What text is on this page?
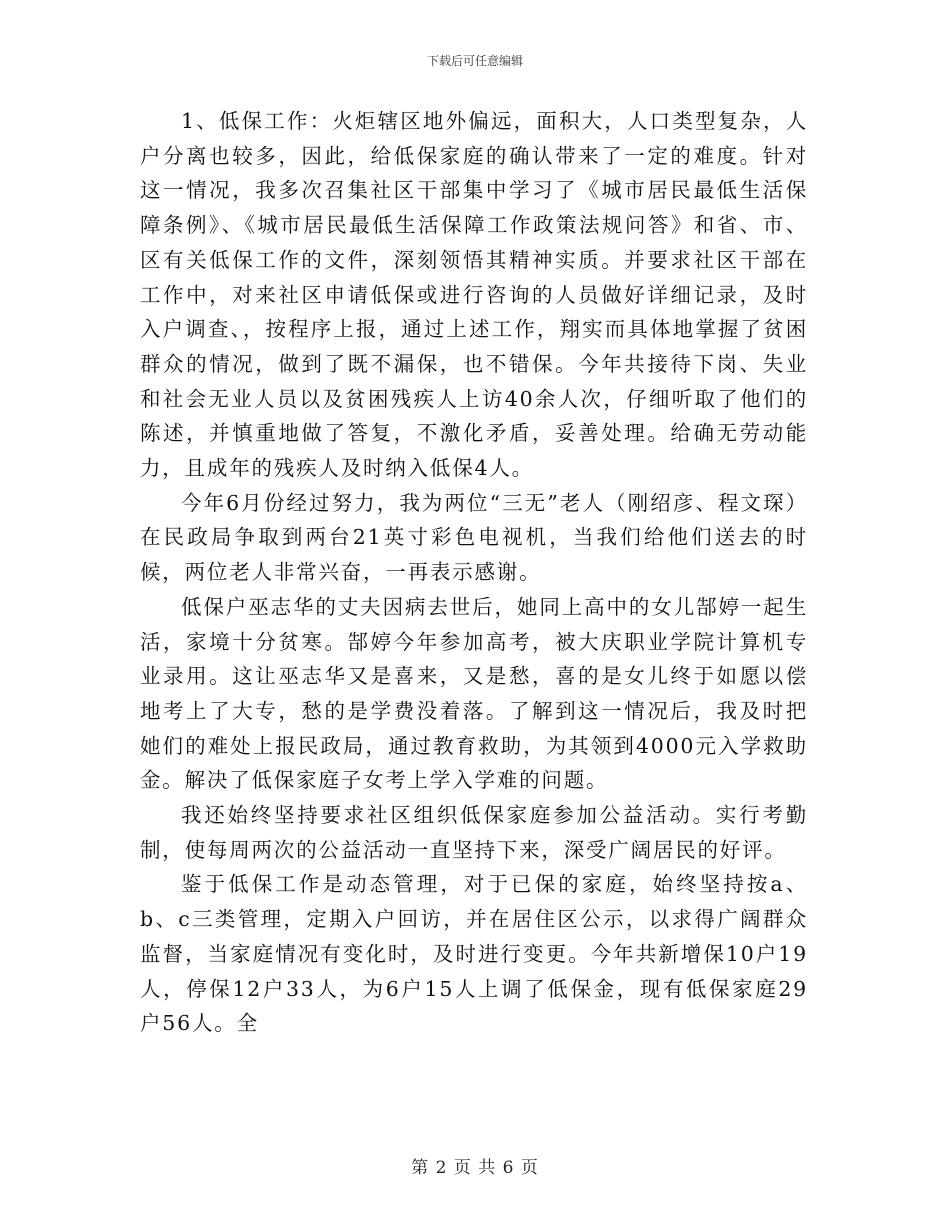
下载后可任意编辑

1、低保工作：火炬辖区地外偏远，面积大，人口类型复杂，人户分离也较多，因此，给低保家庭的确认带来了一定的难度。针对这一情况，我多次召集社区干部集中学习了《城市居民最低生活保障条例》、《城市居民最低生活保障工作政策法规问答》和省、市、区有关低保工作的文件，深刻领悟其精神实质。并要求社区干部在工作中，对来社区申请低保或进行咨询的人员做好详细记录，及时入户调查、，按程序上报，通过上述工作，翔实而具体地掌握了贫困群众的情况，做到了既不漏保，也不错保。今年共接待下岗、失业和社会无业人员以及贫困残疾人上访40余人次，仔细听取了他们的陈述，并慎重地做了答复，不激化矛盾，妥善处理。给确无劳动能力，且成年的残疾人及时纳入低保4人。

今年6月份经过努力，我为两位“三无”老人（刚绍彦、程文琛）在民政局争取到两台21英寸彩色电视机，当我们给他们送去的时候，两位老人非常兴奋，一再表示感谢。

低保户巫志华的丈夫因病去世后，她同上高中的女儿郜婷一起生活，家境十分贫寒。郜婷今年参加高考，被大庆职业学院计算机专业录用。这让巫志华又是喜来，又是愁，喜的是女儿终于如愿以偿地考上了大专，愁的是学费没着落。了解到这一情况后，我及时把她们的难处上报民政局，通过教育救助，为其领到4000元入学救助金。解决了低保家庭子女考上学入学难的问题。

我还始终坚持要求社区组织低保家庭参加公益活动。实行考勤制，使每周两次的公益活动一直坚持下来，深受广阔居民的好评。

鉴于低保工作是动态管理，对于已保的家庭，始终坚持按a、b、c三类管理，定期入户回访，并在居住区公示，以求得广阔群众监督，当家庭情况有变化时，及时进行变更。今年共新增保10户19人，停保12户33人，为6户15人上调了低保金，现有低保家庭29户56人。全

第 2 页 共 6 页
